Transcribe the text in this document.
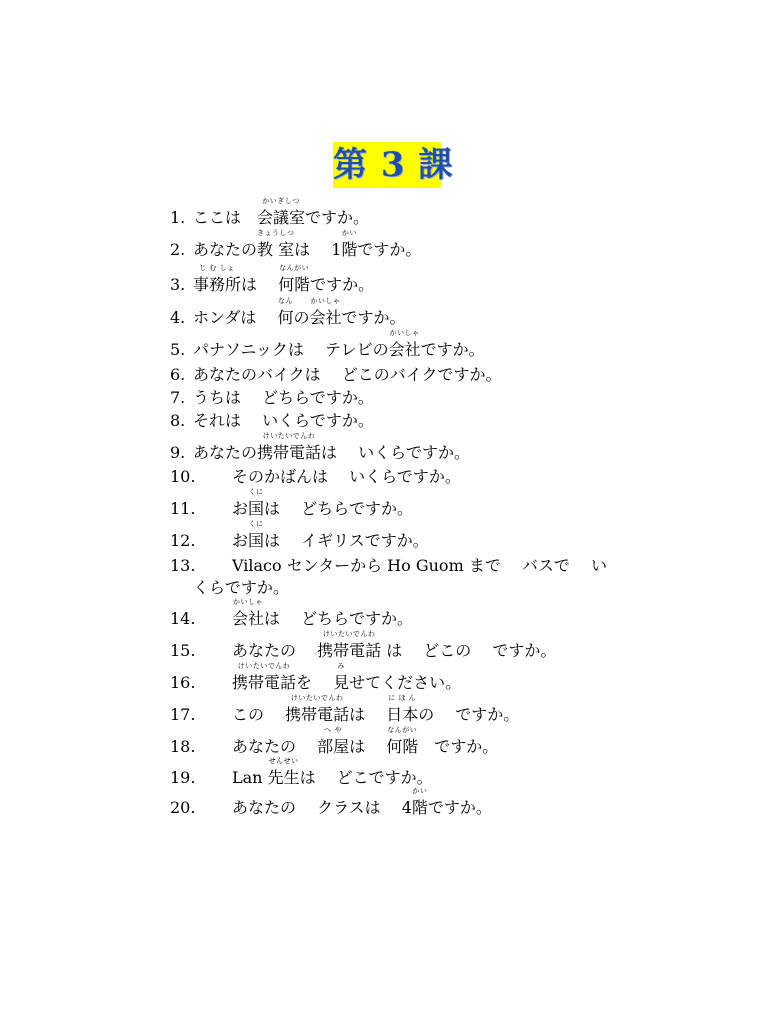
第 3 課
1. ここは　
かいぎしつ
会議室ですか。
2. あなたの
きょうしつ
教 室は　 1
かい
階ですか。
3.
じ む しょ
事務所は　
なんがい
何階ですか。
4. ホンダは　
なん
何の
かいしゃ
会社ですか。
5. パナソニックは　 テレビの
かいしゃ
会社ですか。
6. あなたのバイクは　 どこのバイクですか。
7. うちは　 どちらですか。
8. それは　 いくらですか。
9. あなたの
けいたいでんわ
携帯電話は　 いくらですか。
10. そのかばんは　 いくらですか。
11. お
くに
国は　 どちらですか。
12. お
くに
国は　 イギリスですか。
13. Vilaco センターから Ho Guom まで　 バスで　 い
くらですか。
14.
かいしゃ
会社は　 どちらですか。
15. あなたの　
けいたいでんわ
携帯電話 は　 どこの　 ですか。
16.
けいたいでんわ
携帯電話を　
み
見せてください。
17. この　
けいたいでんわ
携帯電話は　
に ほ ん
日本の　 ですか。
18. あなたの　
へ や
部屋は　
なんがい
何階　ですか。
19. Lan
せんせい
先生は　 どこですか。
20. あなたの　 クラスは　 4
かい
階ですか。
